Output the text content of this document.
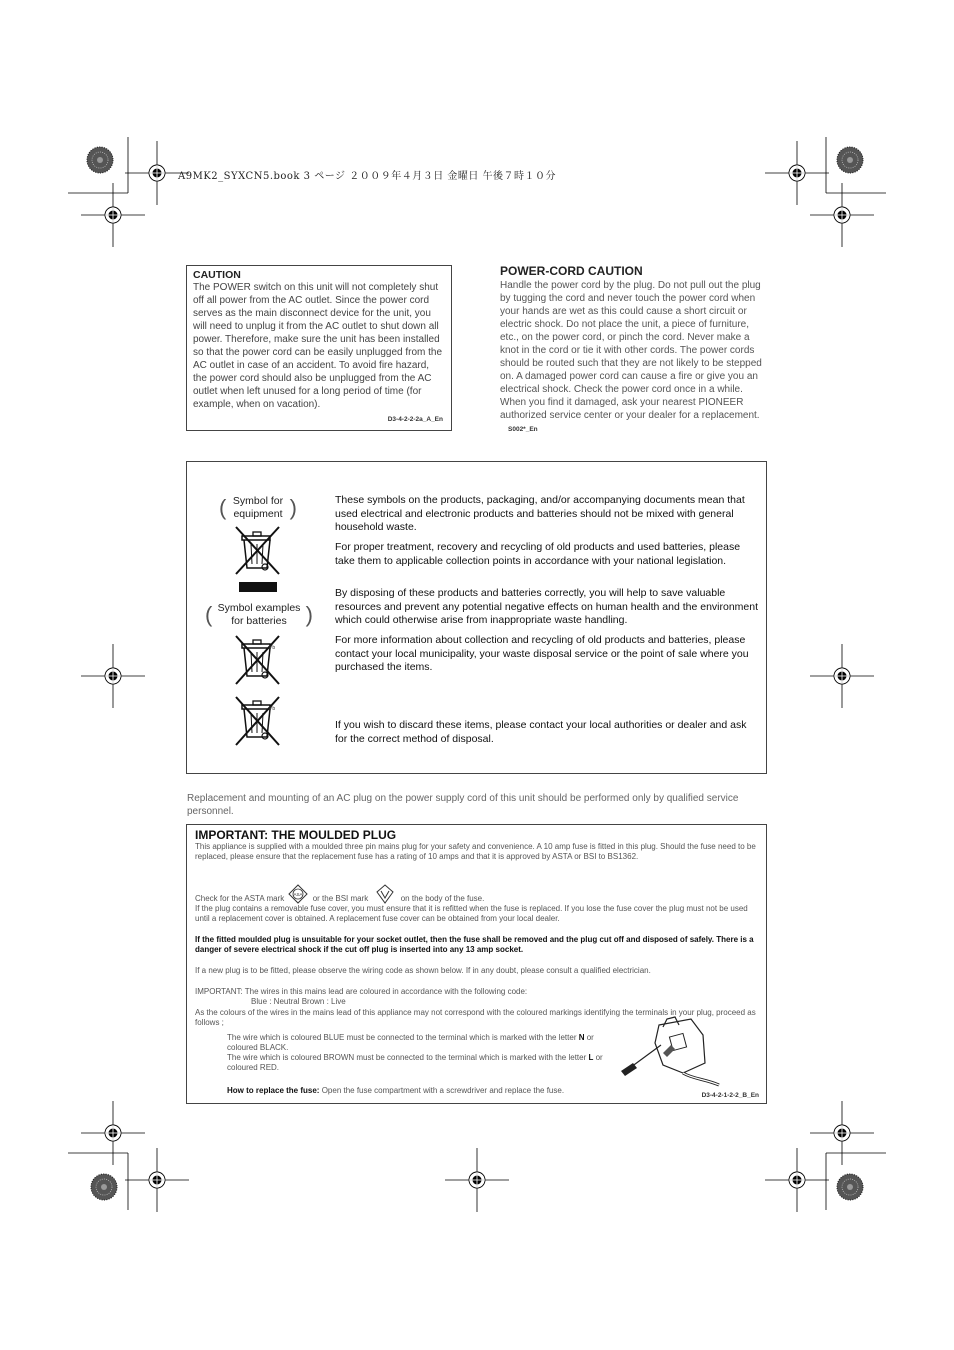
A9MK2_SYXCN5.book 3 ページ ２００９年４月３日 金曜日 午後７時１０分

CAUTION

The POWER switch on this unit will not completely shut off all power from the AC outlet. Since the power cord serves as the main disconnect device for the unit, you will need to unplug it from the AC outlet to shut down all power. Therefore, make sure the unit has been installed so that the power cord can be easily unplugged from the AC outlet in case of an accident. To avoid fire hazard, the power cord should also be unplugged from the AC outlet when left unused for a long period of time (for example, when on vacation).

D3-4-2-2-2a_A_En
POWER-CORD CAUTION
Handle the power cord by the plug. Do not pull out the plug by tugging the cord and never touch the power cord when your hands are wet as this could cause a short circuit or electric shock. Do not place the unit, a piece of furniture, etc., on the power cord, or pinch the cord. Never make a knot in the cord or tie it with other cords. The power cords should be routed such that they are not likely to be stepped on. A damaged power cord can cause a fire or give you an electrical shock. Check the power cord once in a while. When you find it damaged, ask your nearest PIONEER authorized service center or your dealer for a replacement. S002*_En
( Symbol for
equipment )
( Symbol examples
for batteries )
Pb
Pb

These symbols on the products, packaging, and/or accompanying documents mean that used electrical and electronic products and batteries should not be mixed with general household waste.

For proper treatment, recovery and recycling of old products and used batteries, please take them to applicable collection points in accordance with your national legislation.

By disposing of these products and batteries correctly, you will help to save valuable resources and prevent any potential negative effects on human health and the environment which could otherwise arise from inappropriate waste handling.

For more information about collection and recycling of old products and batteries, please contact your local municipality, your waste disposal service or the point of sale where you purchased the items.

If you wish to discard these items, please contact your local authorities or dealer and ask for the correct method of disposal.

Replacement and mounting of an AC plug on the power supply cord of this unit should be performed only by qualified service personnel.
IMPORTANT: THE MOULDED PLUG

This appliance is supplied with a moulded three pin mains plug for your safety and convenience. A 10 amp fuse is fitted in this plug. Should the fuse need to be replaced, please ensure that the replacement fuse has a rating of 10 amps and that it is approved by ASTA or BSI to BS1362.

Check for the ASTA mark ASA or the BSI mark	on the body of the fuse.

If the plug contains a removable fuse cover, you must ensure that it is refitted when the fuse is replaced. If you lose the fuse cover the plug must not be used until a replacement cover is obtained. A replacement fuse cover can be obtained from your local dealer.

If the fitted moulded plug is unsuitable for your socket outlet, then the fuse shall be removed and the plug cut off and disposed of safely. There is a danger of severe electrical shock if the cut off plug is inserted into any 13 amp socket.

If a new plug is to be fitted, please observe the wiring code as shown below. If in any doubt, please consult a qualified electrician.

IMPORTANT: The wires in this mains lead are coloured in accordance with the following code:

Blue : Neutral Brown : Live

As the colours of the wires in the mains lead of this appliance may not correspond with the coloured markings identifying the terminals in your plug, proceed as follows ;

The wire which is coloured BLUE must be connected to the terminal which is marked with the letter N or coloured BLACK.

The wire which is coloured BROWN must be connected to the terminal which is marked with the letter L or coloured RED.

How to replace the fuse: Open the fuse compartment with a screwdriver and replace the fuse.

D3-4-2-1-2-2_B_En
